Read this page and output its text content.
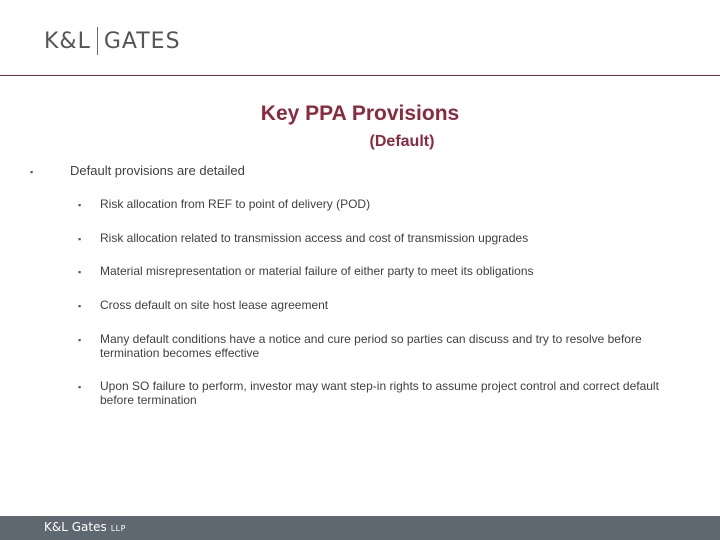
K&L GATES
Key PPA Provisions
(Default)
▪	Default provisions are detailed
▪ Risk allocation from REF to point of delivery (POD)
▪ Risk allocation related to transmission access and cost of transmission upgrades
▪ Material misrepresentation or material failure of either party to meet its obligations
▪ Cross default on site host lease agreement
▪ Many default conditions have a notice and cure period so parties can discuss and try to resolve before termination becomes effective
▪ Upon SO failure to perform, investor may want step-in rights to assume project control and correct default before termination
K&L Gates LLP
